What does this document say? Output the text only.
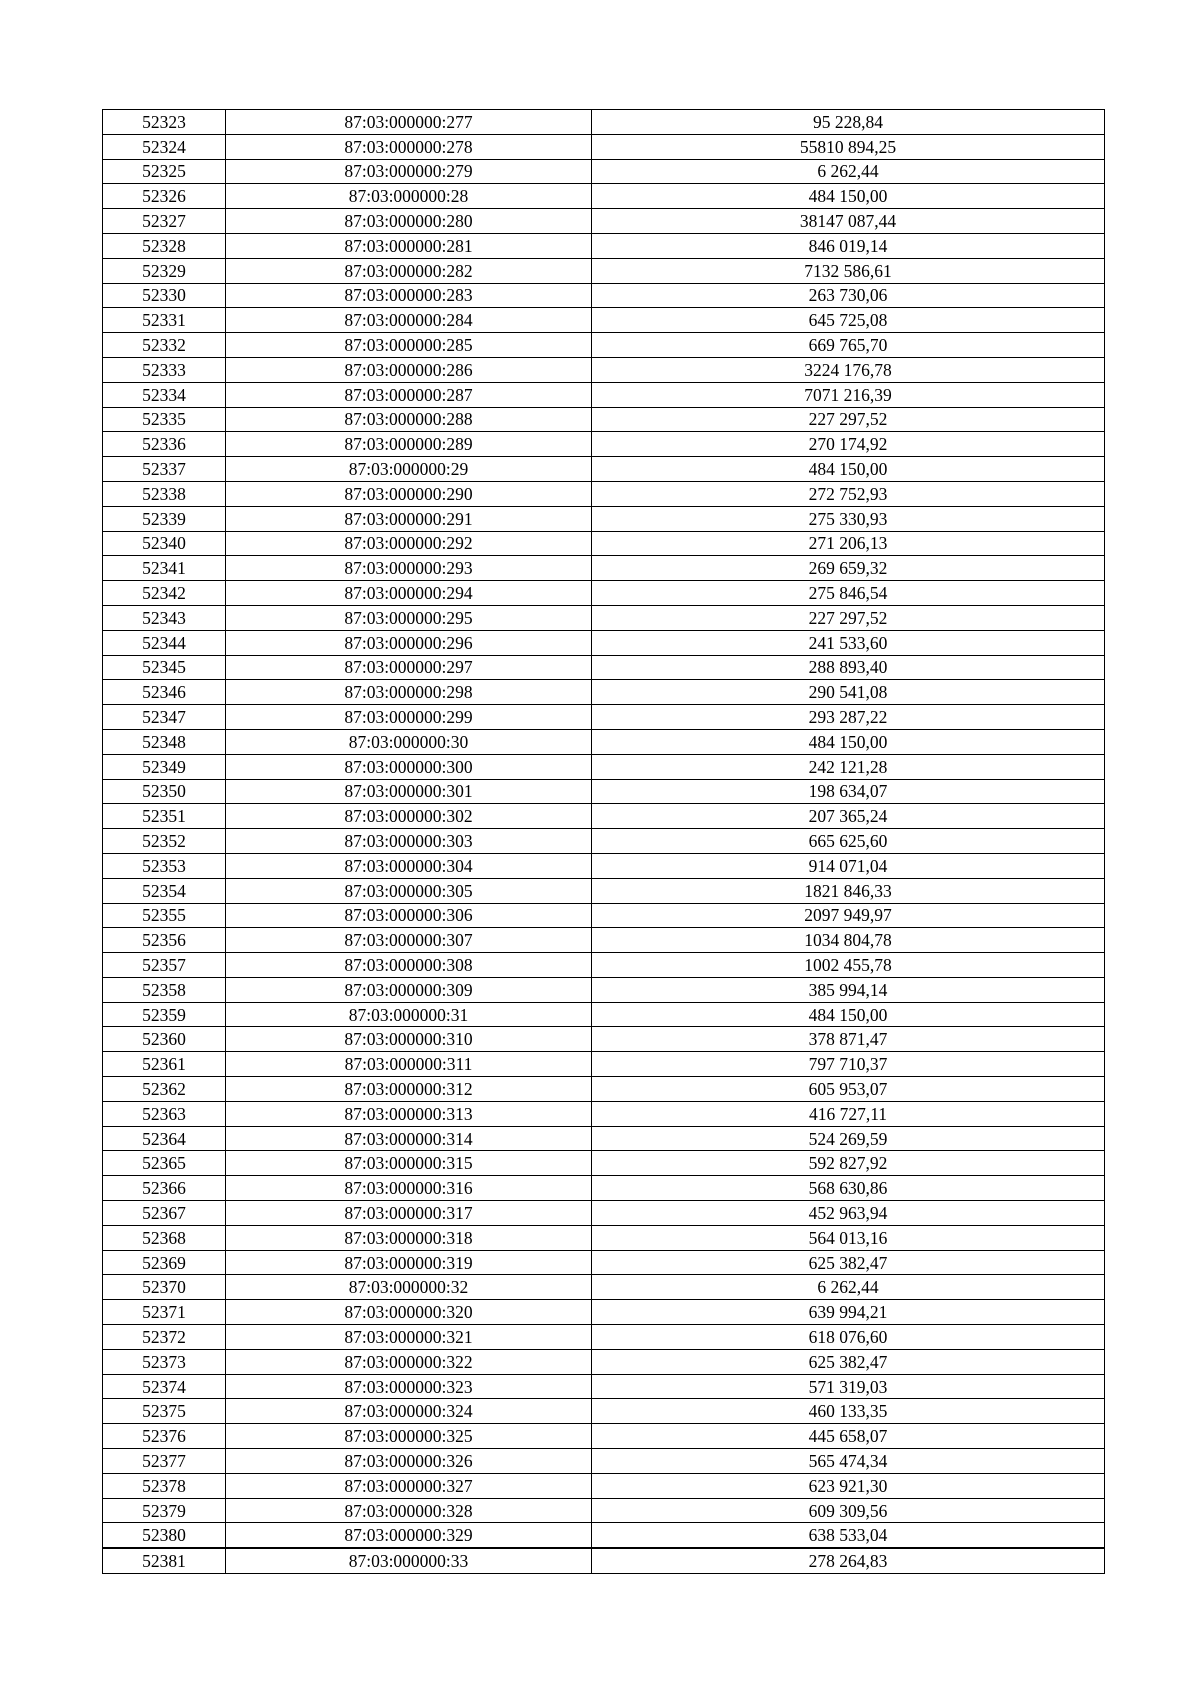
52323	87:03:000000:277	95 228,84
52324	87:03:000000:278	55810 894,25
52325	87:03:000000:279	6 262,44
52326	87:03:000000:28	484 150,00
52327	87:03:000000:280	38147 087,44
52328	87:03:000000:281	846 019,14
52329	87:03:000000:282	7132 586,61
52330	87:03:000000:283	263 730,06
52331	87:03:000000:284	645 725,08
52332	87:03:000000:285	669 765,70
52333	87:03:000000:286	3224 176,78
52334	87:03:000000:287	7071 216,39
52335	87:03:000000:288	227 297,52
52336	87:03:000000:289	270 174,92
52337	87:03:000000:29	484 150,00
52338	87:03:000000:290	272 752,93
52339	87:03:000000:291	275 330,93
52340	87:03:000000:292	271 206,13
52341	87:03:000000:293	269 659,32
52342	87:03:000000:294	275 846,54
52343	87:03:000000:295	227 297,52
52344	87:03:000000:296	241 533,60
52345	87:03:000000:297	288 893,40
52346	87:03:000000:298	290 541,08
52347	87:03:000000:299	293 287,22
52348	87:03:000000:30	484 150,00
52349	87:03:000000:300	242 121,28
52350	87:03:000000:301	198 634,07
52351	87:03:000000:302	207 365,24
52352	87:03:000000:303	665 625,60
52353	87:03:000000:304	914 071,04
52354	87:03:000000:305	1821 846,33
52355	87:03:000000:306	2097 949,97
52356	87:03:000000:307	1034 804,78
52357	87:03:000000:308	1002 455,78
52358	87:03:000000:309	385 994,14
52359	87:03:000000:31	484 150,00
52360	87:03:000000:310	378 871,47
52361	87:03:000000:311	797 710,37
52362	87:03:000000:312	605 953,07
52363	87:03:000000:313	416 727,11
52364	87:03:000000:314	524 269,59
52365	87:03:000000:315	592 827,92
52366	87:03:000000:316	568 630,86
52367	87:03:000000:317	452 963,94
52368	87:03:000000:318	564 013,16
52369	87:03:000000:319	625 382,47
52370	87:03:000000:32	6 262,44
52371	87:03:000000:320	639 994,21
52372	87:03:000000:321	618 076,60
52373	87:03:000000:322	625 382,47
52374	87:03:000000:323	571 319,03
52375	87:03:000000:324	460 133,35
52376	87:03:000000:325	445 658,07
52377	87:03:000000:326	565 474,34
52378	87:03:000000:327	623 921,30
52379	87:03:000000:328	609 309,56
52380	87:03:000000:329	638 533,04
52381	87:03:000000:33	278 264,83
